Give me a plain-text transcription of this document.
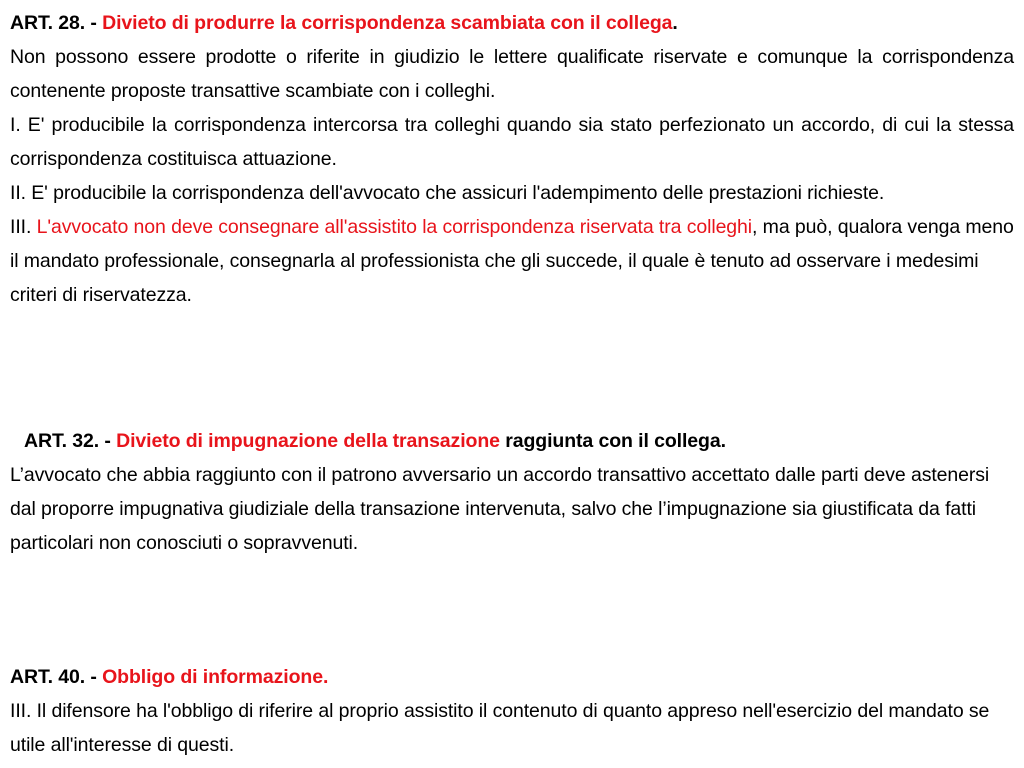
ART. 28. - Divieto di produrre la corrispondenza scambiata con il collega.

Non possono essere prodotte o riferite in giudizio le lettere qualificate riservate e comunque la corrispondenza contenente proposte transattive scambiate con i colleghi.

I. E' producibile la corrispondenza intercorsa tra colleghi quando sia stato perfezionato un accordo, di cui la stessa corrispondenza costituisca attuazione.

II. E' producibile la corrispondenza dell'avvocato che assicuri l'adempimento delle prestazioni richieste.

III. L'avvocato non deve consegnare all'assistito la corrispondenza riservata tra colleghi, ma può, qualora venga meno il mandato professionale, consegnarla al professionista che gli succede, il quale è tenuto ad osservare i medesimi criteri di riservatezza.

ART. 32. - Divieto di impugnazione della transazione raggiunta con il collega.

L’avvocato che abbia raggiunto con il patrono avversario un accordo transattivo accettato dalle parti deve astenersi dal proporre impugnativa giudiziale della transazione intervenuta, salvo che l’impugnazione sia giustificata da fatti particolari non conosciuti o sopravvenuti.

ART. 40. - Obbligo di informazione.

III. Il difensore ha l'obbligo di riferire al proprio assistito il contenuto di quanto appreso nell'esercizio del mandato se utile all'interesse di questi.
